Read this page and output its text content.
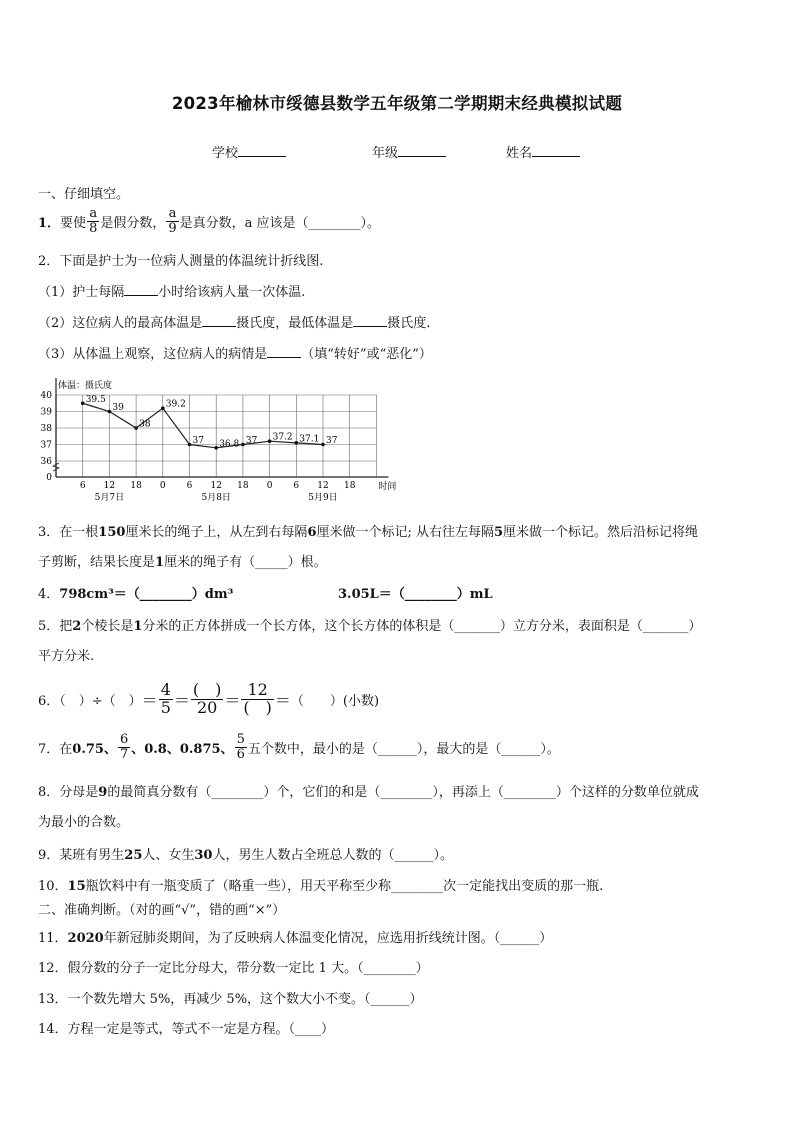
2023年榆林市绥德县数学五年级第二学期期末经典模拟试题
学校	年级	姓名
一、仔细填空。
1． 要使 $\frac{a}{8}$ 是假分数， $\frac{a}{9}$ 是真分数，a 应该是（________）。
2．下面是护士为一位病人测量的体温统计折线图.
（1）护士每隔	小时给该病人量一次体温.
（2）这位病人的最高体温是	摄氏度，最低体温是	摄氏度.
（3）从体温上观察，这位病人的病情是	（填“转好”或“恶化”）
体温：摄氏度
0
36
37
38
39
40
6 12 18 0 6 12 18 0 6 12 18	时间
5月7日	5月8日	5月9日
39.5
39
38
39.2
37 36.8 37 37.2 37.1 37
3．在一根150厘米长的绳子上，从左到右每隔6厘米做一个标记; 从右往左每隔5厘米做一个标记。然后沿标记将绳
子剪断，结果长度是1厘米的绳子有（_____）根。
4．798cm³＝（________）dm³	3.05L＝（________）mL
5．把2个棱长是1分米的正方体拼成一个长方体，这个长方体的体积是（_______）立方分米，表面积是（_______）
平方分米.
6．（　）÷（　） ＝ $\frac{4}{5} = \frac{( )}{20} = \frac{12}{( )}$ ＝ （　　）(小数)
7．在 0.75、 $\frac{6}{7}$ 、0.8、0.875、 $\frac{5}{6}$ 五个数中，最小的是（______），最大的是（______）。
8．分母是9的最简真分数有（________）个，它们的和是（________），再添上（________）个这样的分数单位就成
为最小的合数。
9．某班有男生25人、女生30人，男生人数占全班总人数的（______）。
10．15瓶饮料中有一瓶变质了（略重一些），用天平称至少称________次一定能找出变质的那一瓶.
二、准确判断。（对的画“√”，错的画“×”）
11．2020年新冠肺炎期间，为了反映病人体温变化情况，应选用折线统计图。（______）
12．假分数的分子一定比分母大，带分数一定比 1 大。（________）
13．一个数先增大 5%，再减少 5%，这个数大小不变。（______）
14．方程一定是等式，等式不一定是方程。（____）
